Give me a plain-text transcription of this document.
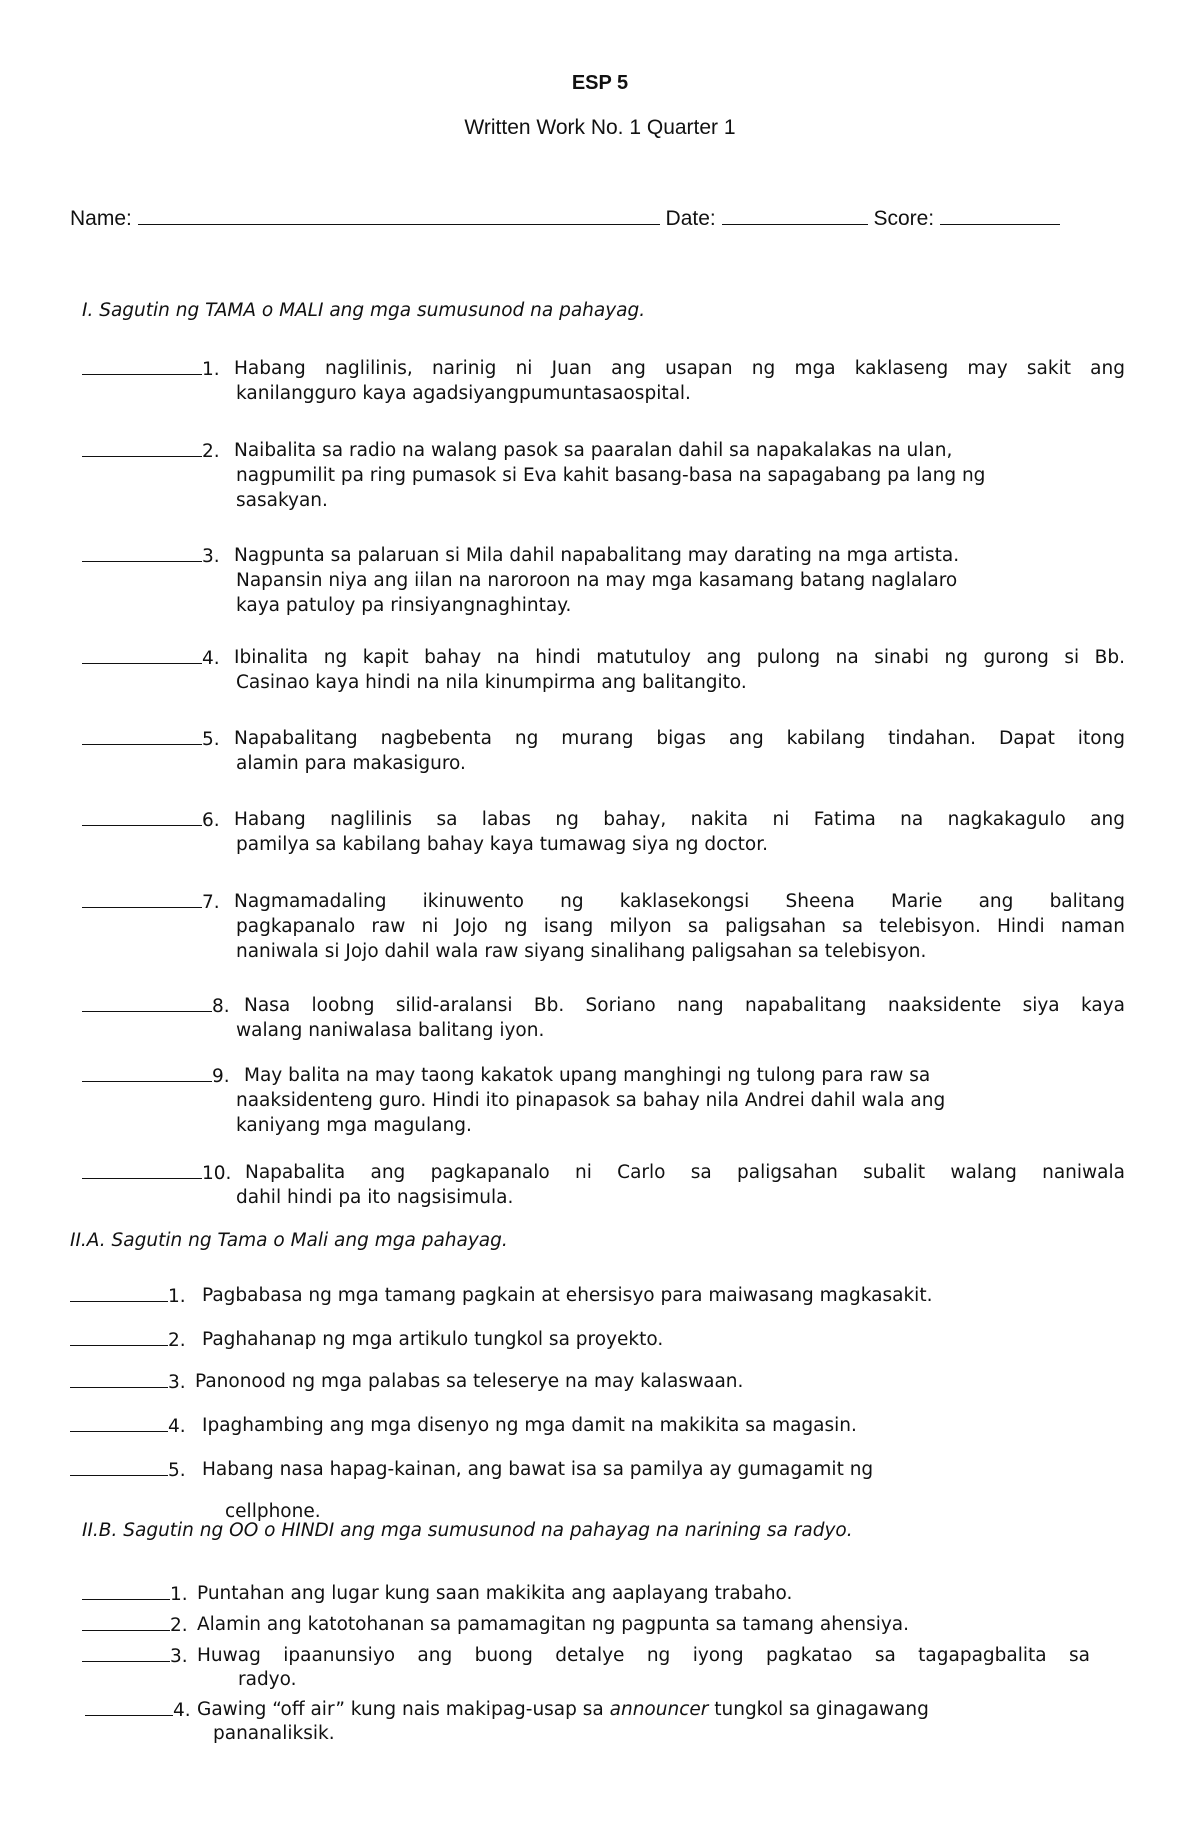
ESP 5
Written Work No. 1 Quarter 1
Name:	Date:	Score:
I. Sagutin ng TAMA o MALI ang mga sumusunod na pahayag.
1. Habang naglilinis, narinig ni Juan ang usapan ng mga kaklaseng may sakit ang
kanilangguro kaya agadsiyangpumuntasaospital.
2. Naibalita sa radio na walang pasok sa paaralan dahil sa napakalakas na ulan,
nagpumilit pa ring pumasok si Eva kahit basang-basa na sapagabang pa lang ng
sasakyan.
3. Nagpunta sa palaruan si Mila dahil napabalitang may darating na mga artista.
Napansin niya ang iilan na naroroon na may mga kasamang batang naglalaro
kaya patuloy pa rinsiyangnaghintay.
4. Ibinalita ng kapit bahay na hindi matutuloy ang pulong na sinabi ng gurong si Bb.
Casinao kaya hindi na nila kinumpirma ang balitangito.
5. Napabalitang nagbebenta ng murang bigas ang kabilang tindahan. Dapat itong
alamin para makasiguro.
6. Habang naglilinis sa labas ng bahay, nakita ni Fatima na nagkakagulo ang
pamilya sa kabilang bahay kaya tumawag siya ng doctor.
7. Nagmamadaling ikinuwento ng kaklasekongsi Sheena Marie ang balitang
pagkapanalo raw ni Jojo ng isang milyon sa paligsahan sa telebisyon. Hindi naman
naniwala si Jojo dahil wala raw siyang sinalihang paligsahan sa telebisyon.
8. Nasa loobng silid-aralansi Bb. Soriano nang napabalitang naaksidente siya kaya
walang naniwalasa balitang iyon.
9. May balita na may taong kakatok upang manghingi ng tulong para raw sa
naaksidenteng guro. Hindi ito pinapasok sa bahay nila Andrei dahil wala ang
kaniyang mga magulang.
10. Napabalita ang pagkapanalo ni Carlo sa paligsahan subalit walang naniwala
dahil hindi pa ito nagsisimula.
II.A. Sagutin ng Tama o Mali ang mga pahayag.
1. Pagbabasa ng mga tamang pagkain at ehersisyo para maiwasang magkasakit.
2. Paghahanap ng mga artikulo tungkol sa proyekto.
3. Panonood ng mga palabas sa teleserye na may kalaswaan.
4. Ipaghambing ang mga disenyo ng mga damit na makikita sa magasin.
5. Habang nasa hapag-kainan, ang bawat isa sa pamilya ay gumagamit ng
cellphone.
II.B. Sagutin ng OO o HINDI ang mga sumusunod na pahayag na narining sa radyo.
1. Puntahan ang lugar kung saan makikita ang aaplayang trabaho.
2. Alamin ang katotohanan sa pamamagitan ng pagpunta sa tamang ahensiya.
3. Huwag ipaanunsiyo ang buong detalye ng iyong pagkatao sa tagapagbalita sa
radyo.
4. Gawing “off air” kung nais makipag-usap sa announcer tungkol sa ginagawang
pananaliksik.
